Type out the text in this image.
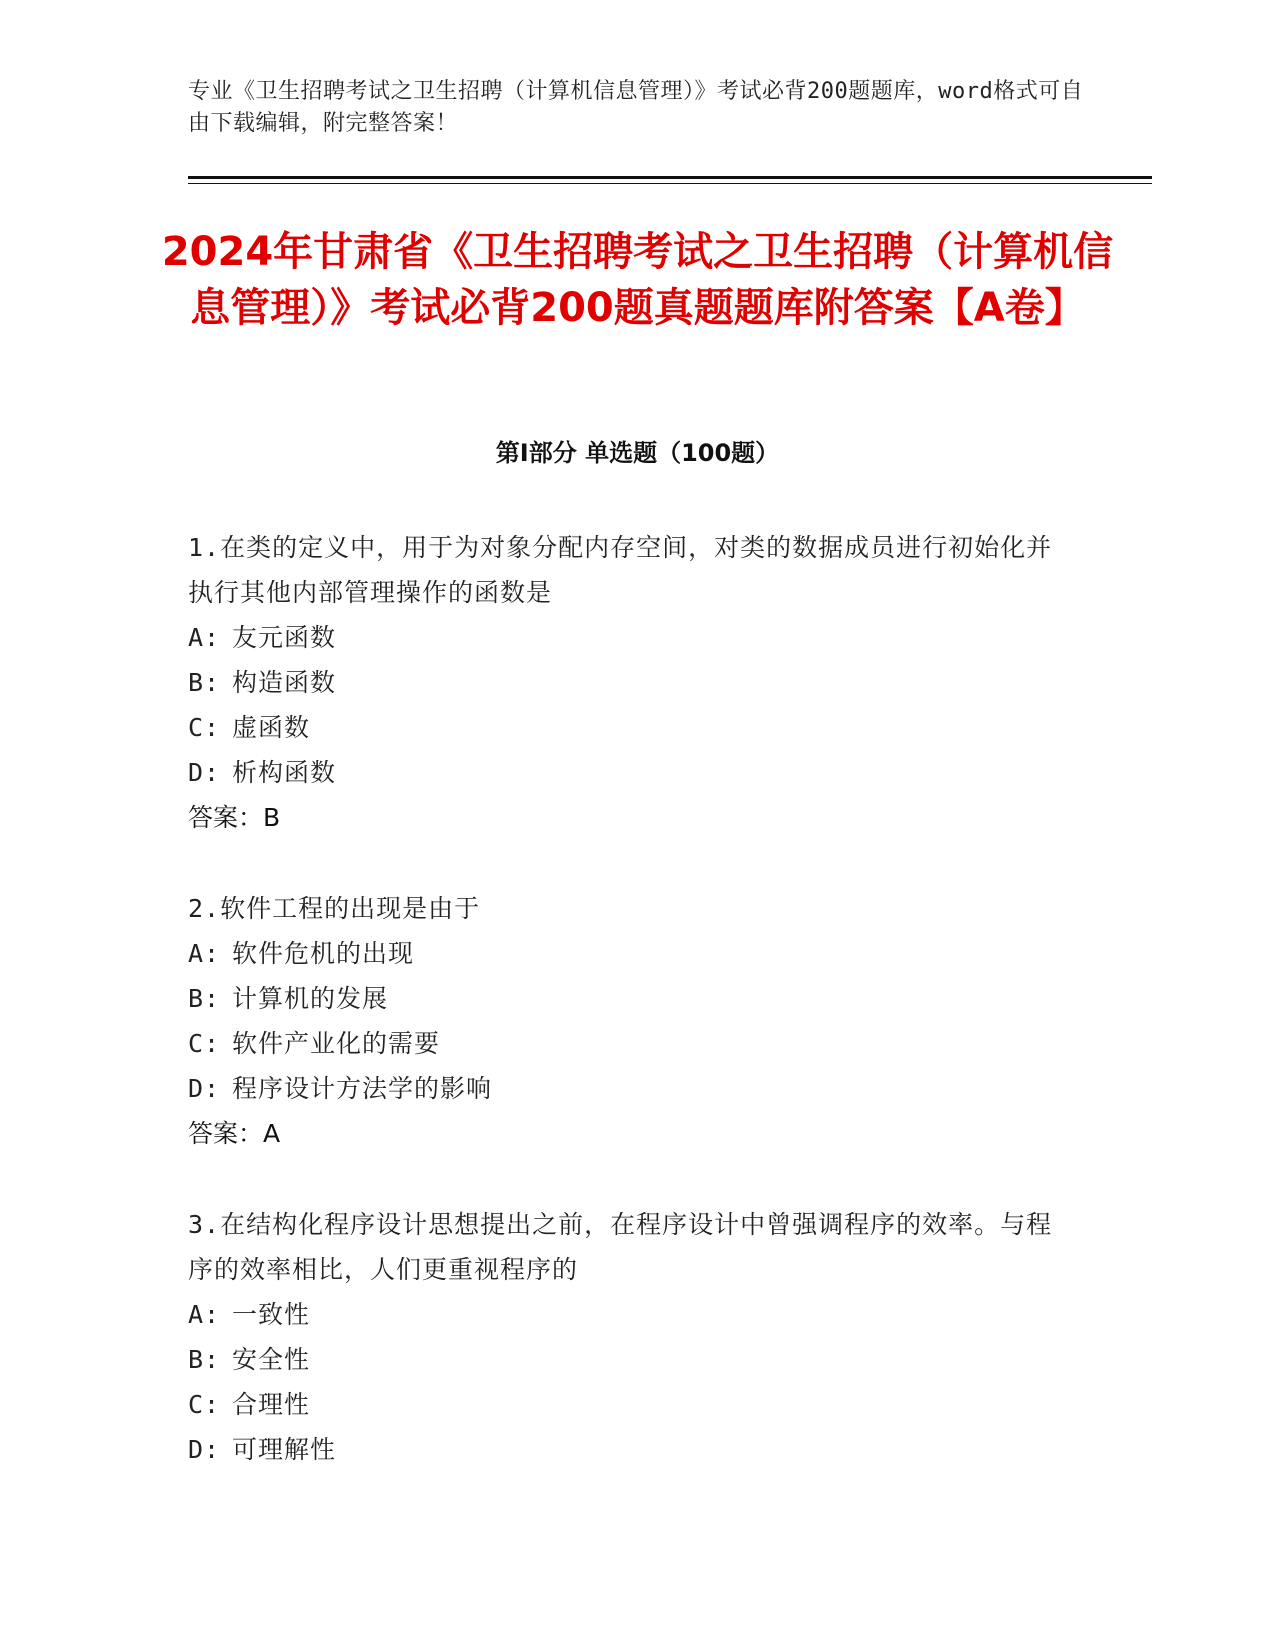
专业《卫生招聘考试之卫生招聘（计算机信息管理）》考试必背200题题库，word格式可自由下载编辑，附完整答案！
2024年甘肃省《卫生招聘考试之卫生招聘（计算机信息管理）》考试必背200题真题题库附答案【A卷】
第Ⅰ部分 单选题（100题）
1.在类的定义中，用于为对象分配内存空间，对类的数据成员进行初始化并执行其他内部管理操作的函数是
A: 友元函数
B: 构造函数
C: 虚函数
D: 析构函数
答案：B
2.软件工程的出现是由于
A: 软件危机的出现
B: 计算机的发展
C: 软件产业化的需要
D: 程序设计方法学的影响
答案：A
3.在结构化程序设计思想提出之前，在程序设计中曾强调程序的效率。与程序的效率相比，人们更重视程序的
A: 一致性
B: 安全性
C: 合理性
D: 可理解性
